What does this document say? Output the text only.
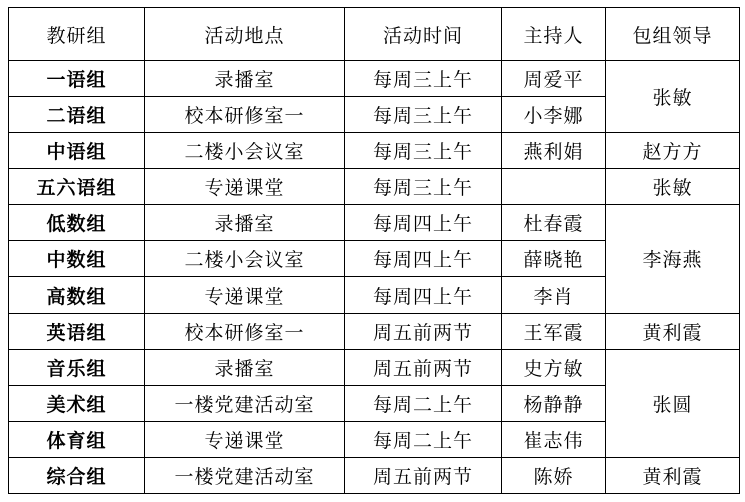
教研组	活动地点	活动时间	主持人	包组领导
一语组	录播室	每周三上午	周爱平	张敏
二语组	校本研修室一	每周三上午	小李娜	
中语组	二楼小会议室	每周三上午	燕利娟	赵方方
五六语组	专递课堂	每周三上午		张敏
低数组	录播室	每周四上午	杜春霞	李海燕
中数组	二楼小会议室	每周四上午	薛晓艳	
高数组	专递课堂	每周四上午	李肖	
英语组	校本研修室一	周五前两节	王军霞	黄利霞
音乐组	录播室	周五前两节	史方敏	张圆
美术组	一楼党建活动室	每周二上午	杨静静	
体育组	专递课堂	每周二上午	崔志伟	
综合组	一楼党建活动室	周五前两节	陈娇	黄利霞
